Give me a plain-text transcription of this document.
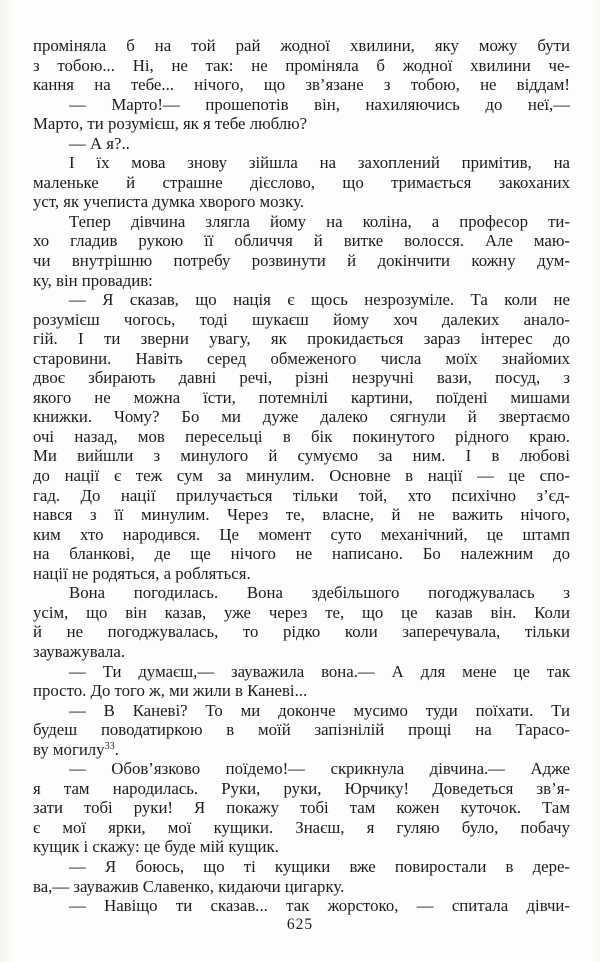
проміняла б на той рай жодної хвилини, яку можу бути
з тобою... Ні, не так: не проміняла б жодної хвилини че-
кання на тебе... нічого, що зв’язане з тобою, не віддам!
— Марто!— прошепотів він, нахиляючись до неї,—
Марто, ти розумієш, як я тебе люблю?
— А я?..
І їх мова знову зійшла на захоплений примітив, на
маленьке й страшне дієслово, що тримається закоханих
уст, як учеписта думка хворого мозку.
Тепер дівчина злягла йому на коліна, а професор ти-
хо гладив рукою її обличчя й витке волосся. Але маю-
чи внутрішню потребу розвинути й докінчити кожну дум-
ку, він провадив:
— Я сказав, що нація є щось незрозуміле. Та коли не
розумієш чогось, тоді шукаєш йому хоч далеких анало-
гій. І ти зверни увагу, як прокидається зараз інтерес до
старовини. Навіть серед обмеженого числа моїх знайомих
двоє збирають давні речі, різні незручні вази, посуд, з
якого не можна їсти, потемнілі картини, поїдені мишами
книжки. Чому? Бо ми дуже далеко сягнули й звертаємо
очі назад, мов пересельці в бік покинутого рідного краю.
Ми вийшли з минулого й сумуємо за ним. І в любові
до нації є теж сум за минулим. Основне в нації — це спо-
гад. До нації прилучається тільки той, хто психічно з’єд-
нався з її минулим. Через те, власне, й не важить нічого,
ким хто народився. Це момент суто механічний, це штамп
на бланкові, де ще нічого не написано. Бо належним до
нації не родяться, а робляться.
Вона погодилась. Вона здебільшого погоджувалась з
усім, що він казав, уже через те, що це казав він. Коли
й не погоджувалась, то рідко коли заперечувала, тільки
зауважувала.
— Ти думаєш,— зауважила вона.— А для мене це так
просто. До того ж, ми жили в Каневі...
— В Каневі? То ми доконче мусимо туди поїхати. Ти
будеш поводатиркою в моїй запізнілій прощі на Тарасо-
ву могилу$^{33}$.
— Обов’язково поїдемо!— скрикнула дівчина.— Адже
я там народилась. Руки, руки, Юрчику! Доведеться зв’я-
зати тобі руки! Я покажу тобі там кожен куточок. Там
є мої ярки, мої кущики. Знаєш, я гуляю було, побачу
кущик і скажу: це буде мій кущик.
— Я боюсь, що ті кущики вже повиростали в дере-
ва,— зауважив Славенко, кидаючи цигарку.
— Навіщо ти сказав... так жорстоко, — спитала дівчи-
625
